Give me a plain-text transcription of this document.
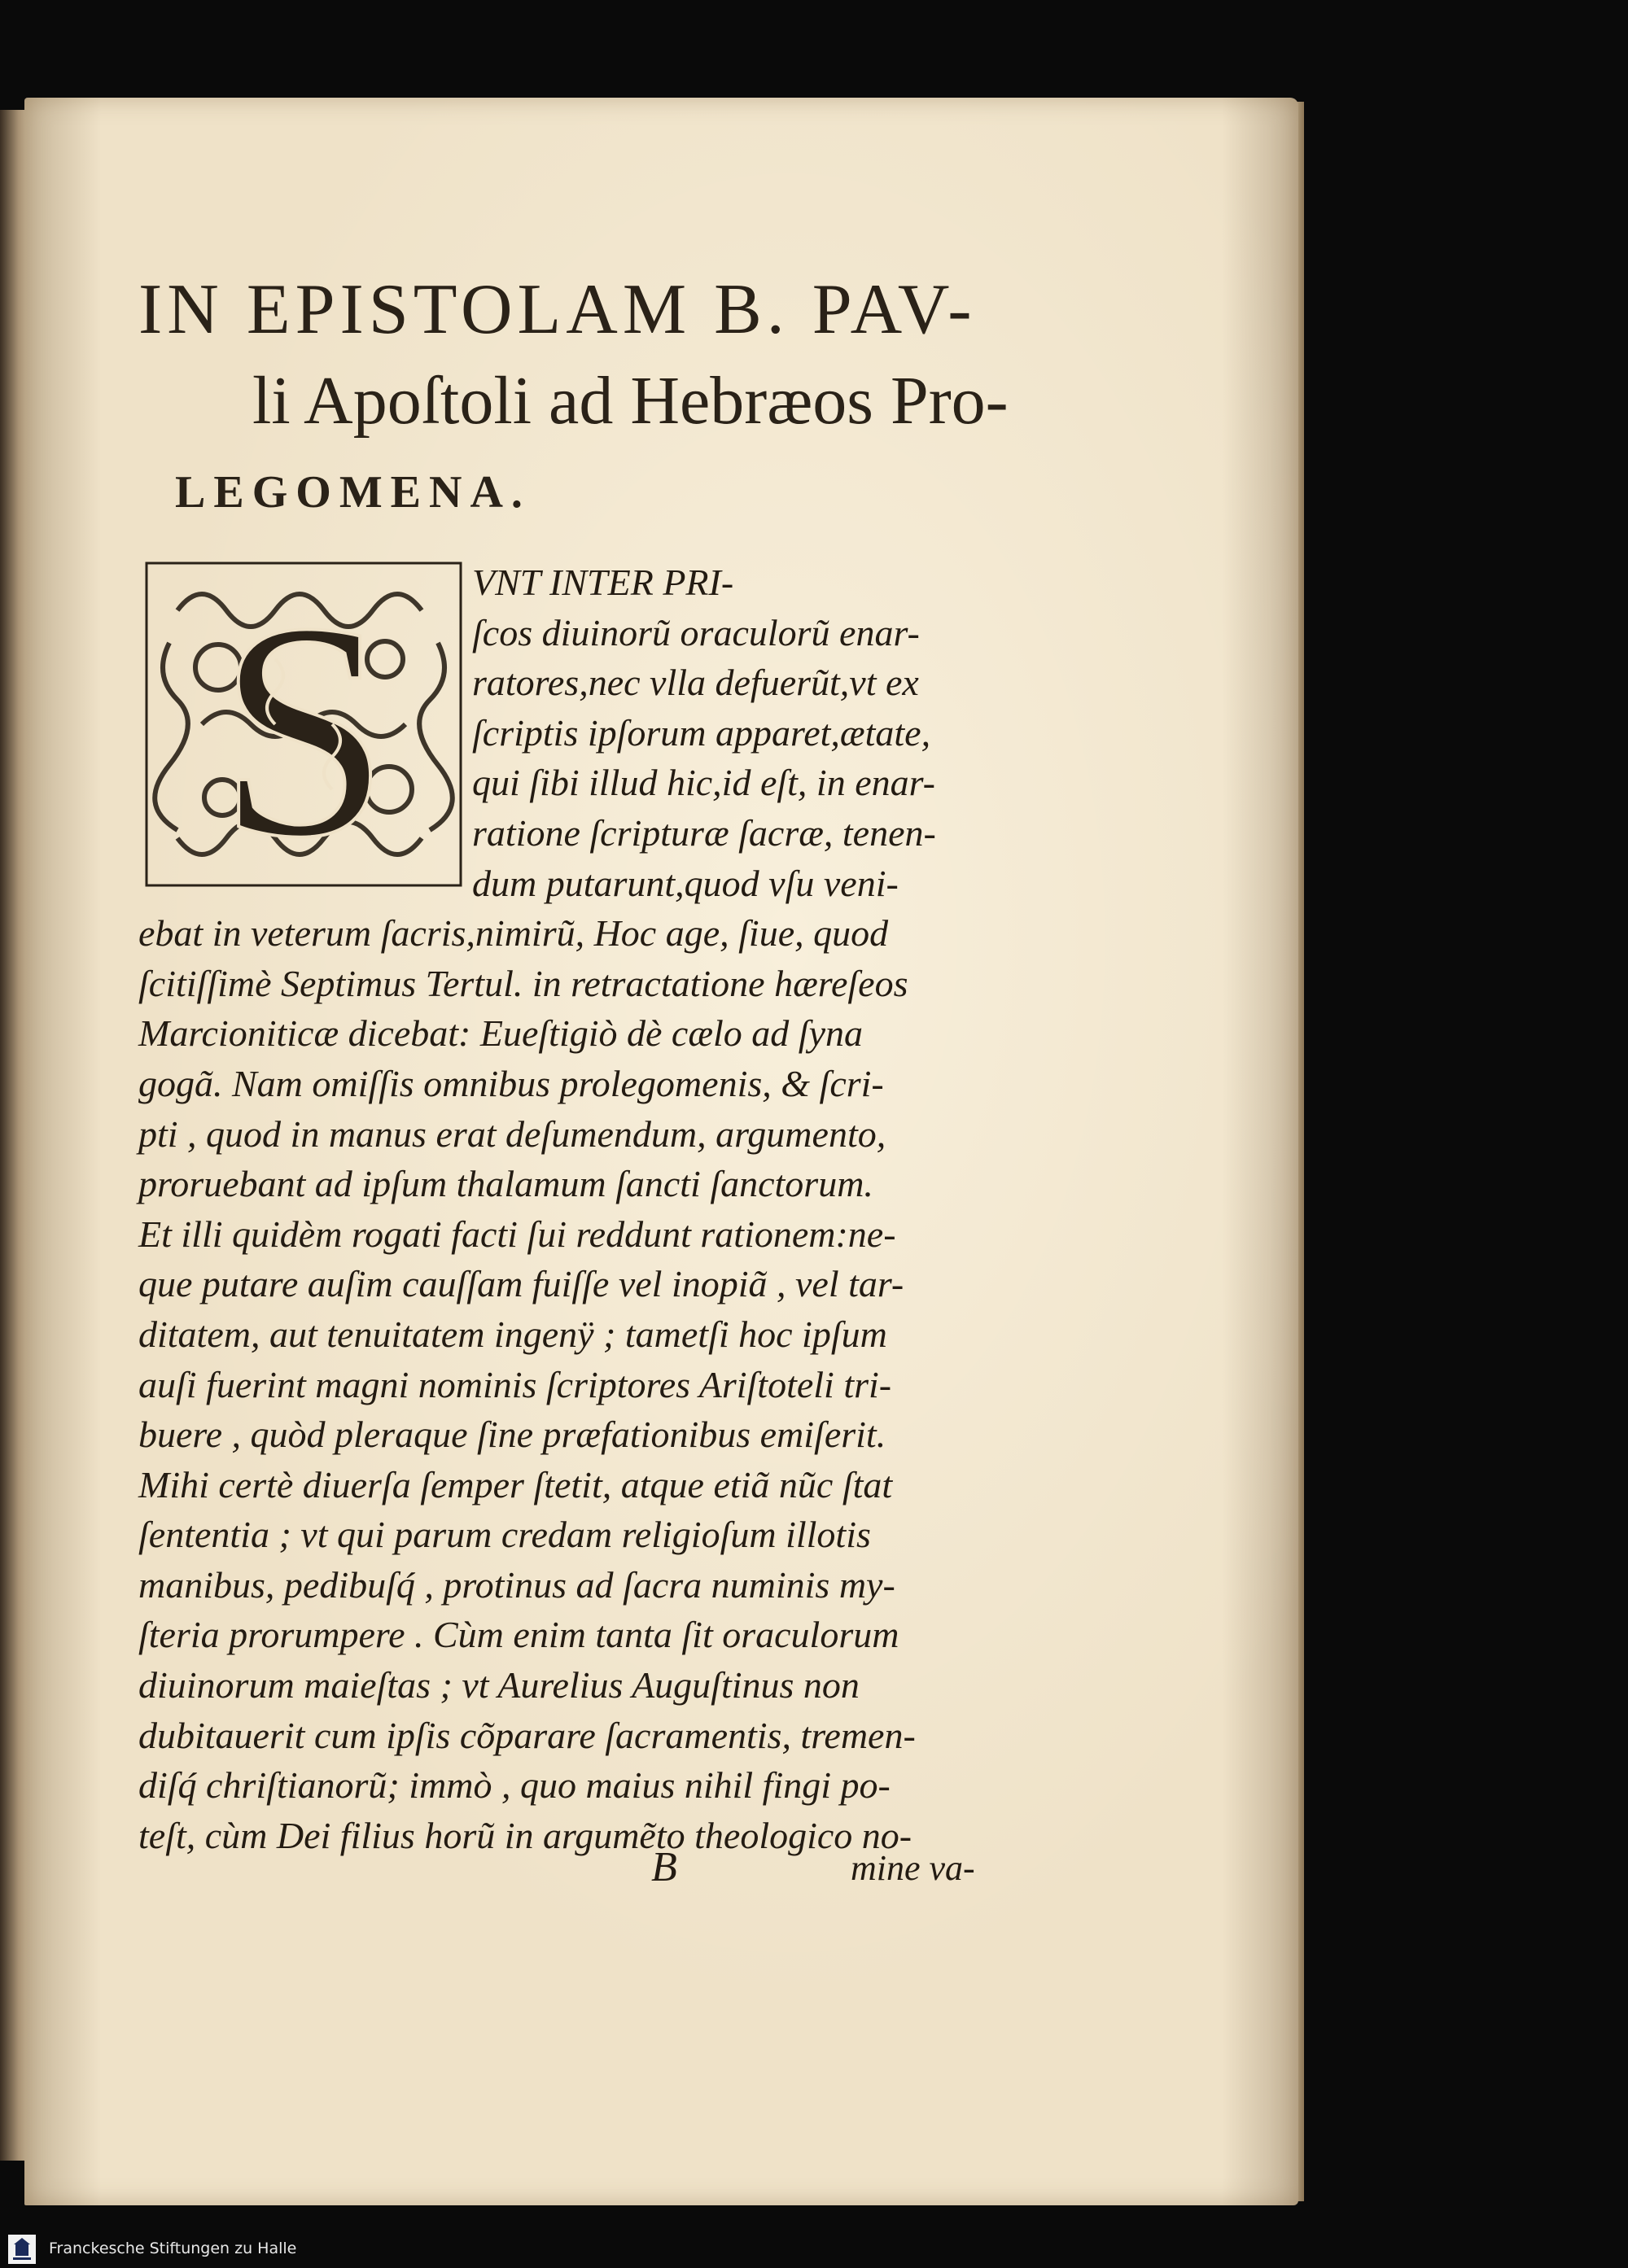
IN EPISTOLAM B. PAV-
li Apoſtoli ad Hebræos Pro-
LEGOMENA.
S	VNT INTER PRI-
ſcos diuinorũ oraculorũ enar-
ratores,nec vlla defuerũt,vt ex
ſcriptis ipſorum apparet,ætate,
qui ſibi illud hic,id eſt, in enar-
ratione ſcripturæ ſacræ, tenen-
dum putarunt,quod vſu veni-
ebat in veterum ſacris,nimirũ, Hoc age, ſiue, quod
ſcitiſſimè Septimus Tertul. in retractatione hæreſeos
Marcioniticæ dicebat: Eueſtigiò dè cælo ad ſyna
gogã. Nam omiſſis omnibus prolegomenis, & ſcri-
pti , quod in manus erat deſumendum, argumento,
proruebant ad ipſum thalamum ſancti ſanctorum.
Et illi quidèm rogati facti ſui reddunt rationem:ne-
que putare auſim cauſſam fuiſſe vel inopiã , vel tar-
ditatem, aut tenuitatem ingenÿ ; tametſi hoc ipſum
auſi fuerint magni nominis ſcriptores Ariſtoteli tri-
buere , quòd pleraque ſine præfationibus emiſerit.
Mihi certè diuerſa ſemper ſtetit, atque etiã nũc ſtat
ſententia ; vt qui parum credam religioſum illotis
manibus, pedibuſq́ , protinus ad ſacra numinis my-
ſteria prorumpere . Cùm enim tanta ſit oraculorum
diuinorum maieſtas ; vt Aurelius Auguſtinus non
dubitauerit cum ipſis cõparare ſacramentis, tremen-
diſq́ chriſtianorũ; immò , quo maius nihil fingi po-
teſt, cùm Dei filius horũ in argumẽto theologico no-
B	mine va-
Franckesche Stiftungen zu Halle
